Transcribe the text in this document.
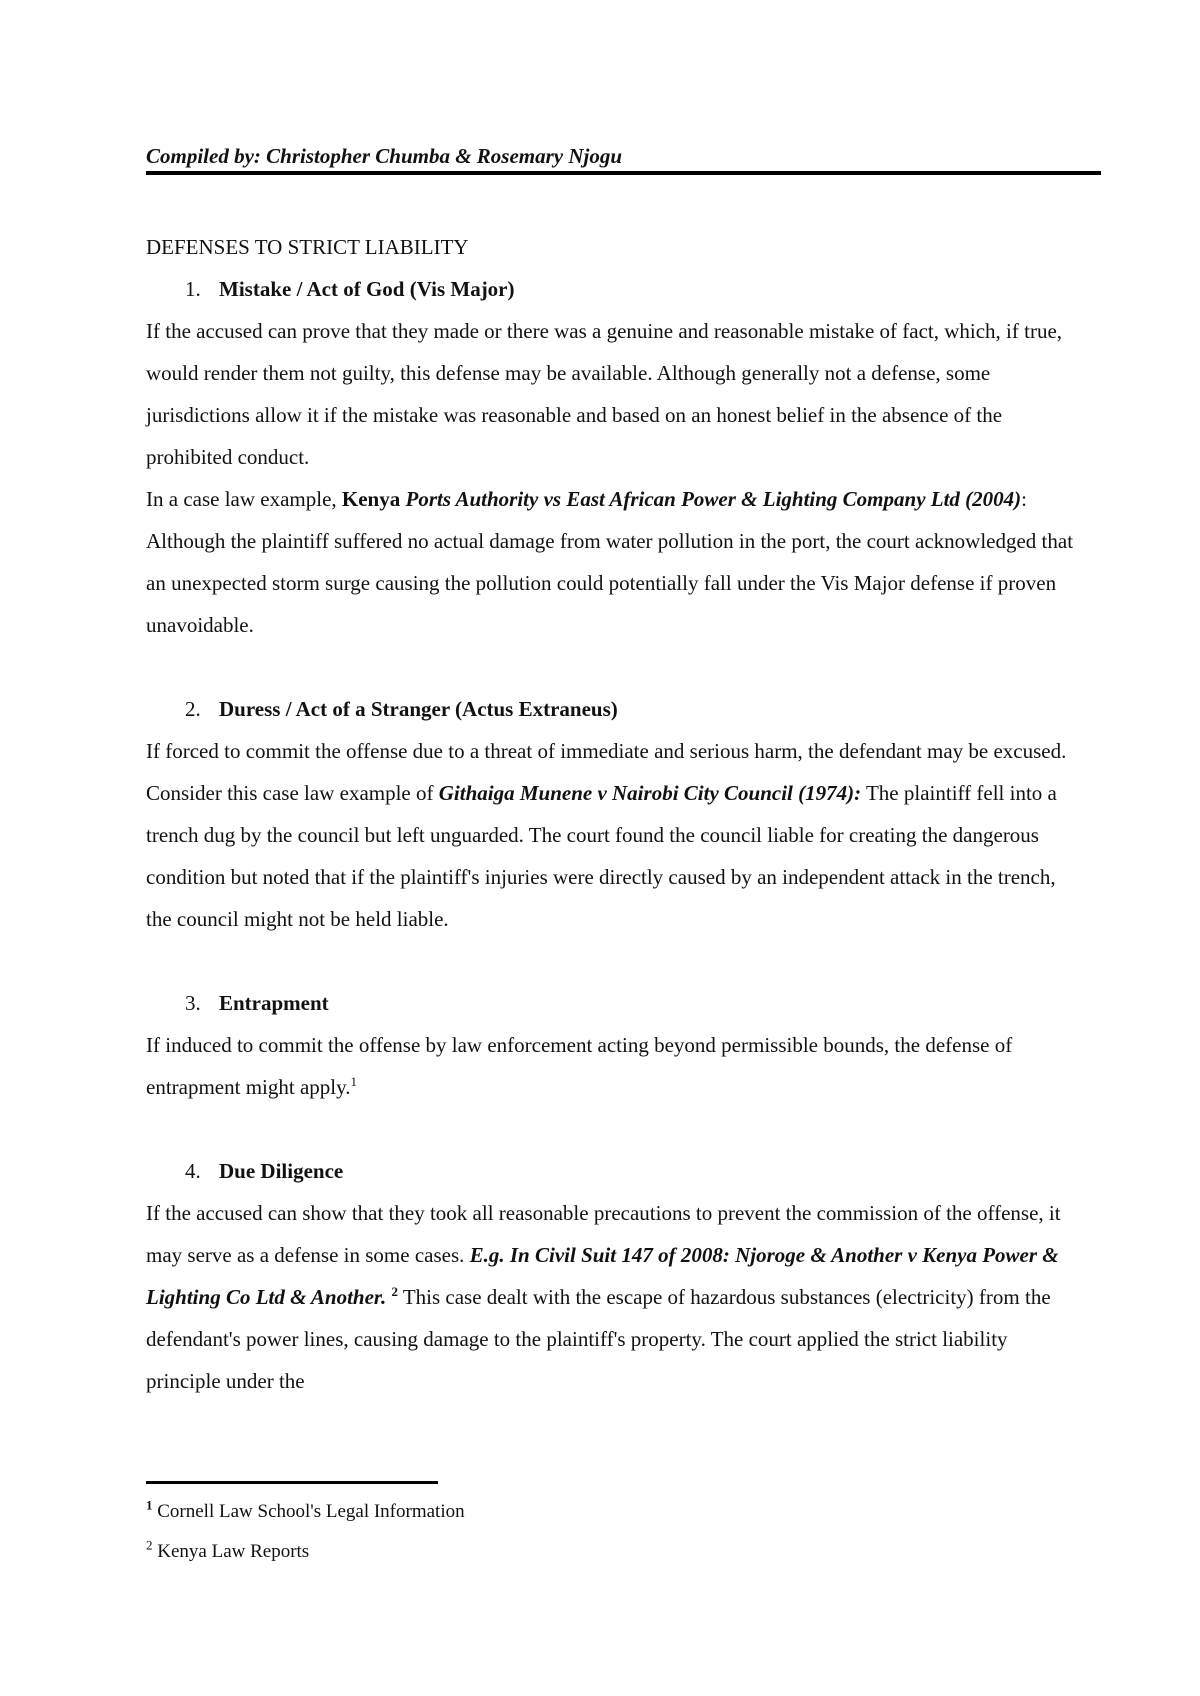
Compiled by: Christopher Chumba & Rosemary Njogu
DEFENSES TO STRICT LIABILITY
1. Mistake / Act of God (Vis Major)

If the accused can prove that they made or there was a genuine and reasonable mistake of fact, which, if true, would render them not guilty, this defense may be available. Although generally not a defense, some jurisdictions allow it if the mistake was reasonable and based on an honest belief in the absence of the prohibited conduct.

In a case law example, Kenya Ports Authority vs East African Power & Lighting Company Ltd (2004): Although the plaintiff suffered no actual damage from water pollution in the port, the court acknowledged that an unexpected storm surge causing the pollution could potentially fall under the Vis Major defense if proven unavoidable.

2. Duress / Act of a Stranger (Actus Extraneus)

If forced to commit the offense due to a threat of immediate and serious harm, the defendant may be excused. Consider this case law example of Githaiga Munene v Nairobi City Council (1974): The plaintiff fell into a trench dug by the council but left unguarded. The court found the council liable for creating the dangerous condition but noted that if the plaintiff's injuries were directly caused by an independent attack in the trench, the council might not be held liable.

3. Entrapment

If induced to commit the offense by law enforcement acting beyond permissible bounds, the defense of entrapment might apply.$^1$

4. Due Diligence

If the accused can show that they took all reasonable precautions to prevent the commission of the offense, it may serve as a defense in some cases. E.g. In Civil Suit 147 of 2008: Njoroge & Another v Kenya Power & Lighting Co Ltd & Another. $^2$ This case dealt with the escape of hazardous substances (electricity) from the defendant's power lines, causing damage to the plaintiff's property. The court applied the strict liability principle under the

$^1$ Cornell Law School's Legal Information
$^2$ Kenya Law Reports
